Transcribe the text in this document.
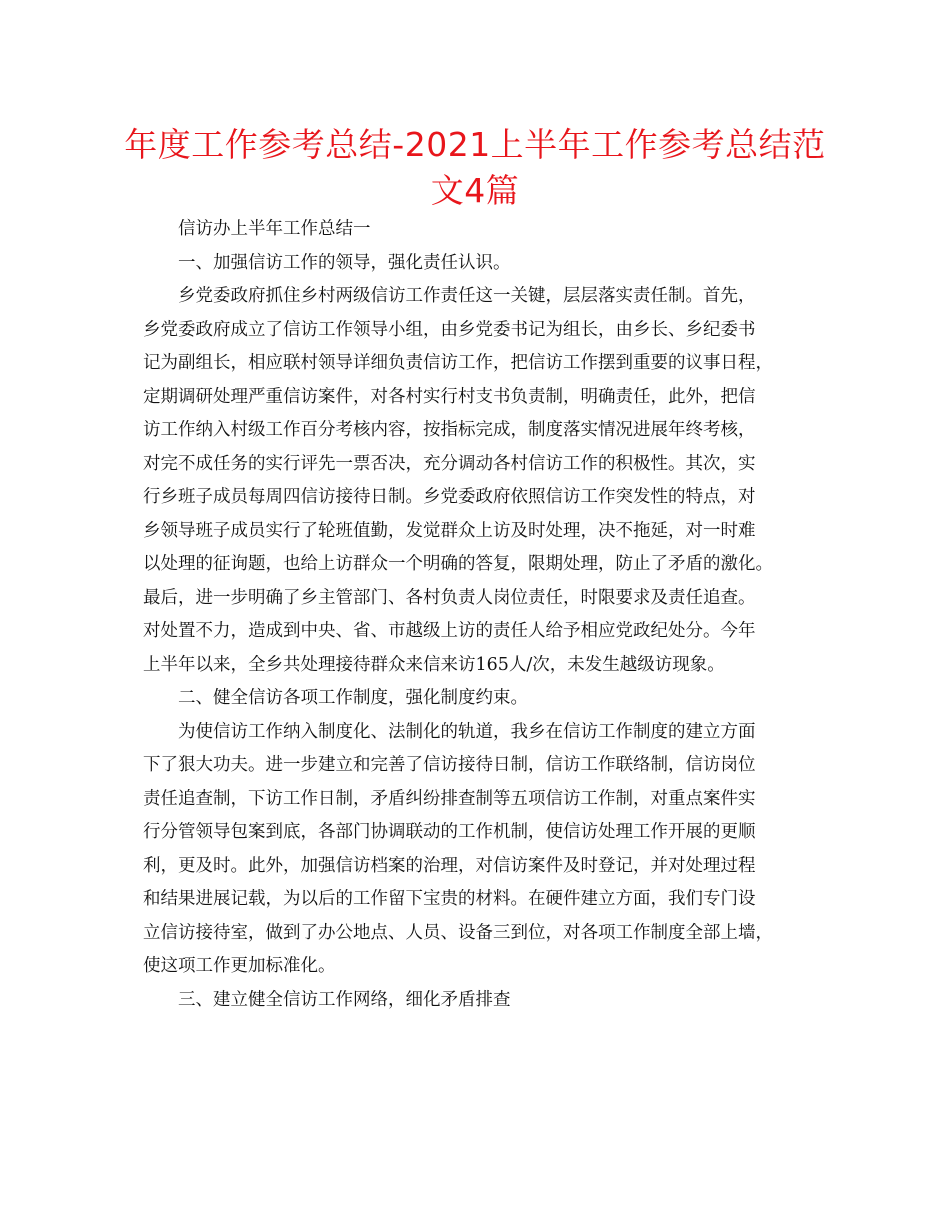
年度工作参考总结-2021上半年工作参考总结范
文4篇
信访办上半年工作总结一
一、加强信访工作的领导，强化责任认识。
乡党委政府抓住乡村两级信访工作责任这一关键，层层落实责任制。首先，
乡党委政府成立了信访工作领导小组，由乡党委书记为组长，由乡长、乡纪委书
记为副组长，相应联村领导详细负责信访工作，把信访工作摆到重要的议事日程，
定期调研处理严重信访案件，对各村实行村支书负责制，明确责任，此外，把信
访工作纳入村级工作百分考核内容，按指标完成，制度落实情况进展年终考核，
对完不成任务的实行评先一票否决，充分调动各村信访工作的积极性。其次，实
行乡班子成员每周四信访接待日制。乡党委政府依照信访工作突发性的特点，对
乡领导班子成员实行了轮班值勤，发觉群众上访及时处理，决不拖延，对一时难
以处理的征询题，也给上访群众一个明确的答复，限期处理，防止了矛盾的激化。
最后，进一步明确了乡主管部门、各村负责人岗位责任，时限要求及责任追查。
对处置不力，造成到中央、省、市越级上访的责任人给予相应党政纪处分。今年
上半年以来，全乡共处理接待群众来信来访165人/次，未发生越级访现象。
二、健全信访各项工作制度，强化制度约束。
为使信访工作纳入制度化、法制化的轨道，我乡在信访工作制度的建立方面
下了狠大功夫。进一步建立和完善了信访接待日制，信访工作联络制，信访岗位
责任追查制，下访工作日制，矛盾纠纷排查制等五项信访工作制，对重点案件实
行分管领导包案到底，各部门协调联动的工作机制，使信访处理工作开展的更顺
利，更及时。此外，加强信访档案的治理，对信访案件及时登记，并对处理过程
和结果进展记载，为以后的工作留下宝贵的材料。在硬件建立方面，我们专门设
立信访接待室，做到了办公地点、人员、设备三到位，对各项工作制度全部上墙，
使这项工作更加标准化。
三、建立健全信访工作网络，细化矛盾排查
